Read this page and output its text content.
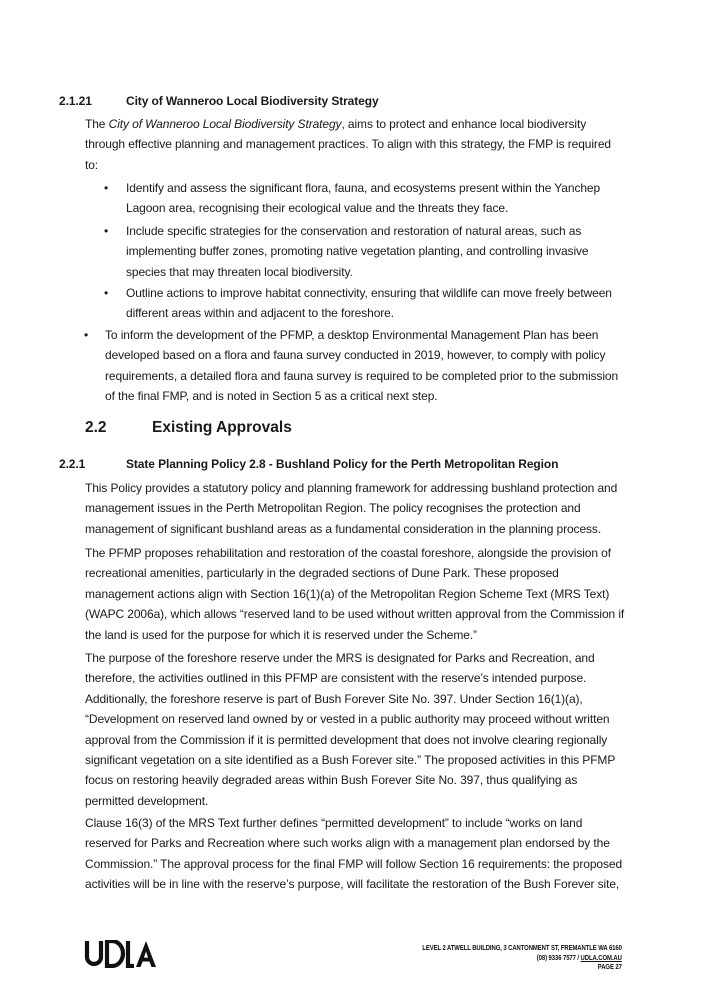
2.1.21	City of Wanneroo Local Biodiversity Strategy
The City of Wanneroo Local Biodiversity Strategy, aims to protect and enhance local biodiversity through effective planning and management practices. To align with this strategy, the FMP is required to:
• Identify and assess the significant flora, fauna, and ecosystems present within the Yanchep Lagoon area, recognising their ecological value and the threats they face.
• Include specific strategies for the conservation and restoration of natural areas, such as implementing buffer zones, promoting native vegetation planting, and controlling invasive species that may threaten local biodiversity.
• Outline actions to improve habitat connectivity, ensuring that wildlife can move freely between different areas within and adjacent to the foreshore.
• To inform the development of the PFMP, a desktop Environmental Management Plan has been developed based on a flora and fauna survey conducted in 2019, however, to comply with policy requirements, a detailed flora and fauna survey is required to be completed prior to the submission of the final FMP, and is noted in Section 5 as a critical next step.
2.2	Existing Approvals
2.2.1	State Planning Policy 2.8 - Bushland Policy for the Perth Metropolitan Region
This Policy provides a statutory policy and planning framework for addressing bushland protection and management issues in the Perth Metropolitan Region. The policy recognises the protection and management of significant bushland areas as a fundamental consideration in the planning process.
The PFMP proposes rehabilitation and restoration of the coastal foreshore, alongside the provision of recreational amenities, particularly in the degraded sections of Dune Park. These proposed management actions align with Section 16(1)(a) of the Metropolitan Region Scheme Text (MRS Text) (WAPC 2006a), which allows “reserved land to be used without written approval from the Commission if the land is used for the purpose for which it is reserved under the Scheme.”
The purpose of the foreshore reserve under the MRS is designated for Parks and Recreation, and therefore, the activities outlined in this PFMP are consistent with the reserve’s intended purpose. Additionally, the foreshore reserve is part of Bush Forever Site No. 397. Under Section 16(1)(a), “Development on reserved land owned by or vested in a public authority may proceed without written approval from the Commission if it is permitted development that does not involve clearing regionally significant vegetation on a site identified as a Bush Forever site.” The proposed activities in this PFMP focus on restoring heavily degraded areas within Bush Forever Site No. 397, thus qualifying as permitted development.
Clause 16(3) of the MRS Text further defines “permitted development” to include “works on land reserved for Parks and Recreation where such works align with a management plan endorsed by the Commission.” The approval process for the final FMP will follow Section 16 requirements: the proposed activities will be in line with the reserve’s purpose, will facilitate the restoration of the Bush Forever site,
LEVEL 2 ATWELL BUILDING, 3 CANTONMENT ST, FREMANTLE WA 6160
(08) 9336 7577 / UDLA.COM.AU
PAGE 27
